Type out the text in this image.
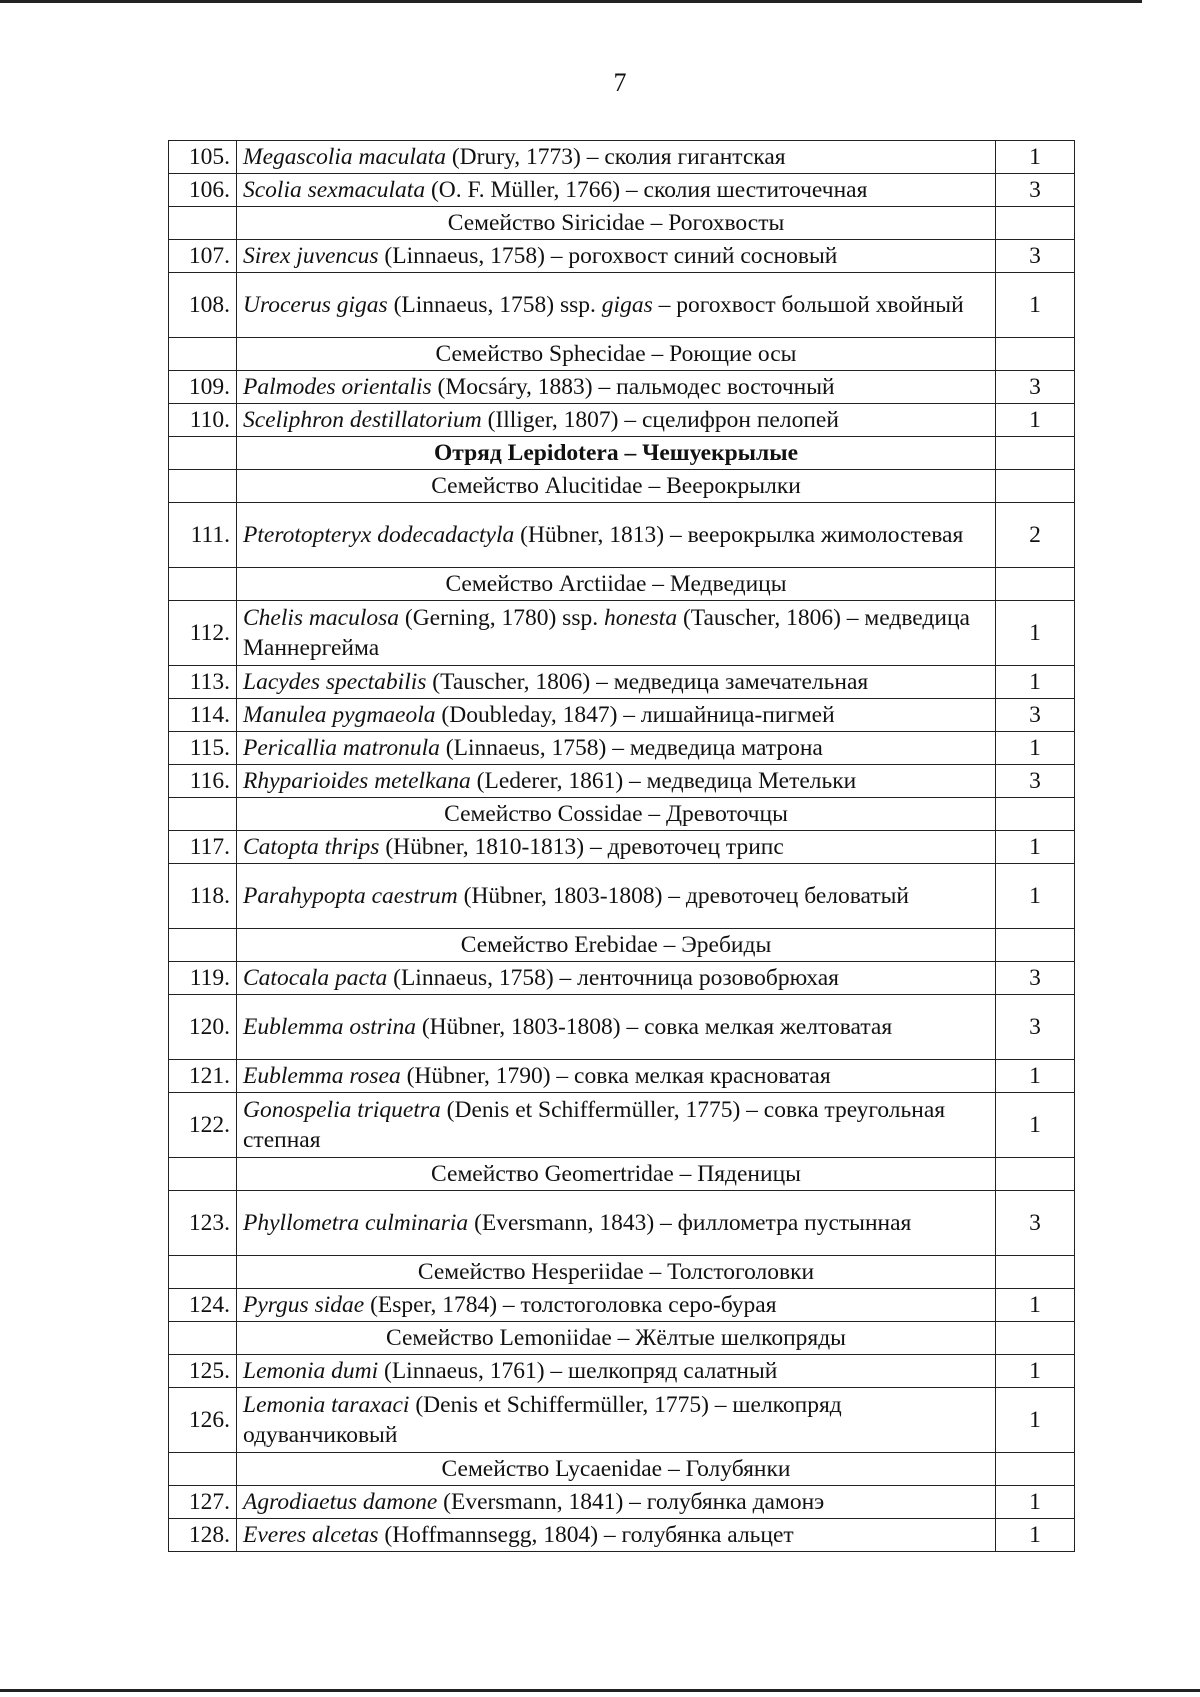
7
105.	Megascolia maculata (Drury, 1773) – сколия гигантская	1
106.	Scolia sexmaculata (O. F. Müller, 1766) – сколия шеститочечная	3
	Семейство Siricidae – Рогохвосты	
107.	Sirex juvencus (Linnaeus, 1758) – рогохвост синий сосновый	3
108.	Urocerus gigas (Linnaeus, 1758) ssp. gigas – рогохвост большой хвойный	1
	Семейство Sphecidae – Роющие осы	
109.	Palmodes orientalis (Mocsáry, 1883) – пальмодес восточный	3
110.	Sceliphron destillatorium (Illiger, 1807) – сцелифрон пелопей	1
	Отряд Lepidotera – Чешуекрылые	
	Семейство Alucitidae – Веерокрылки	
111.	Pterotopteryx dodecadactyla (Hübner, 1813) – веерокрылка жимолостевая	2
	Семейство Arctiidae – Медведицы	
112.	Chelis maculosa (Gerning, 1780) ssp. honesta (Tauscher, 1806) – медведица Маннергейма	1
113.	Lacydes spectabilis (Tauscher, 1806) – медведица замечательная	1
114.	Manulea pygmaeola (Doubleday, 1847) – лишайница-пигмей	3
115.	Pericallia matronula (Linnaeus, 1758) – медведица матрона	1
116.	Rhyparioides metelkana (Lederer, 1861) – медведица Метельки	3
	Семейство Cossidae – Древоточцы	
117.	Catopta thrips (Hübner, 1810-1813) – древоточец трипс	1
118.	Parahypopta caestrum (Hübner, 1803-1808) – древоточец беловатый	1
	Семейство Erebidae – Эребиды	
119.	Catocala pacta (Linnaeus, 1758) – ленточница розовобрюхая	3
120.	Eublemma ostrina (Hübner, 1803-1808) – совка мелкая желтоватая	3
121.	Eublemma rosea (Hübner, 1790) – совка мелкая красноватая	1
122.	Gonospelia triquetra (Denis et Schiffermüller, 1775) – совка треугольная степная	1
	Семейство Geomertridae – Пяденицы	
123.	Phyllometra culminaria (Eversmann, 1843) – филлометра пустынная	3
	Семейство Hesperiidae – Толстоголовки	
124.	Pyrgus sidae (Esper, 1784) – толстоголовка серо-бурая	1
	Семейство Lemoniidae – Жёлтые шелкопряды	
125.	Lemonia dumi (Linnaeus, 1761) – шелкопряд салатный	1
126.	Lemonia taraxaci (Denis et Schiffermüller, 1775) – шелкопряд одуванчиковый	1
	Семейство Lycaenidae – Голубянки	
127.	Agrodiaetus damone (Eversmann, 1841) – голубянка дамонэ	1
128.	Everes alcetas (Hoffmannsegg, 1804) – голубянка альцет	1
